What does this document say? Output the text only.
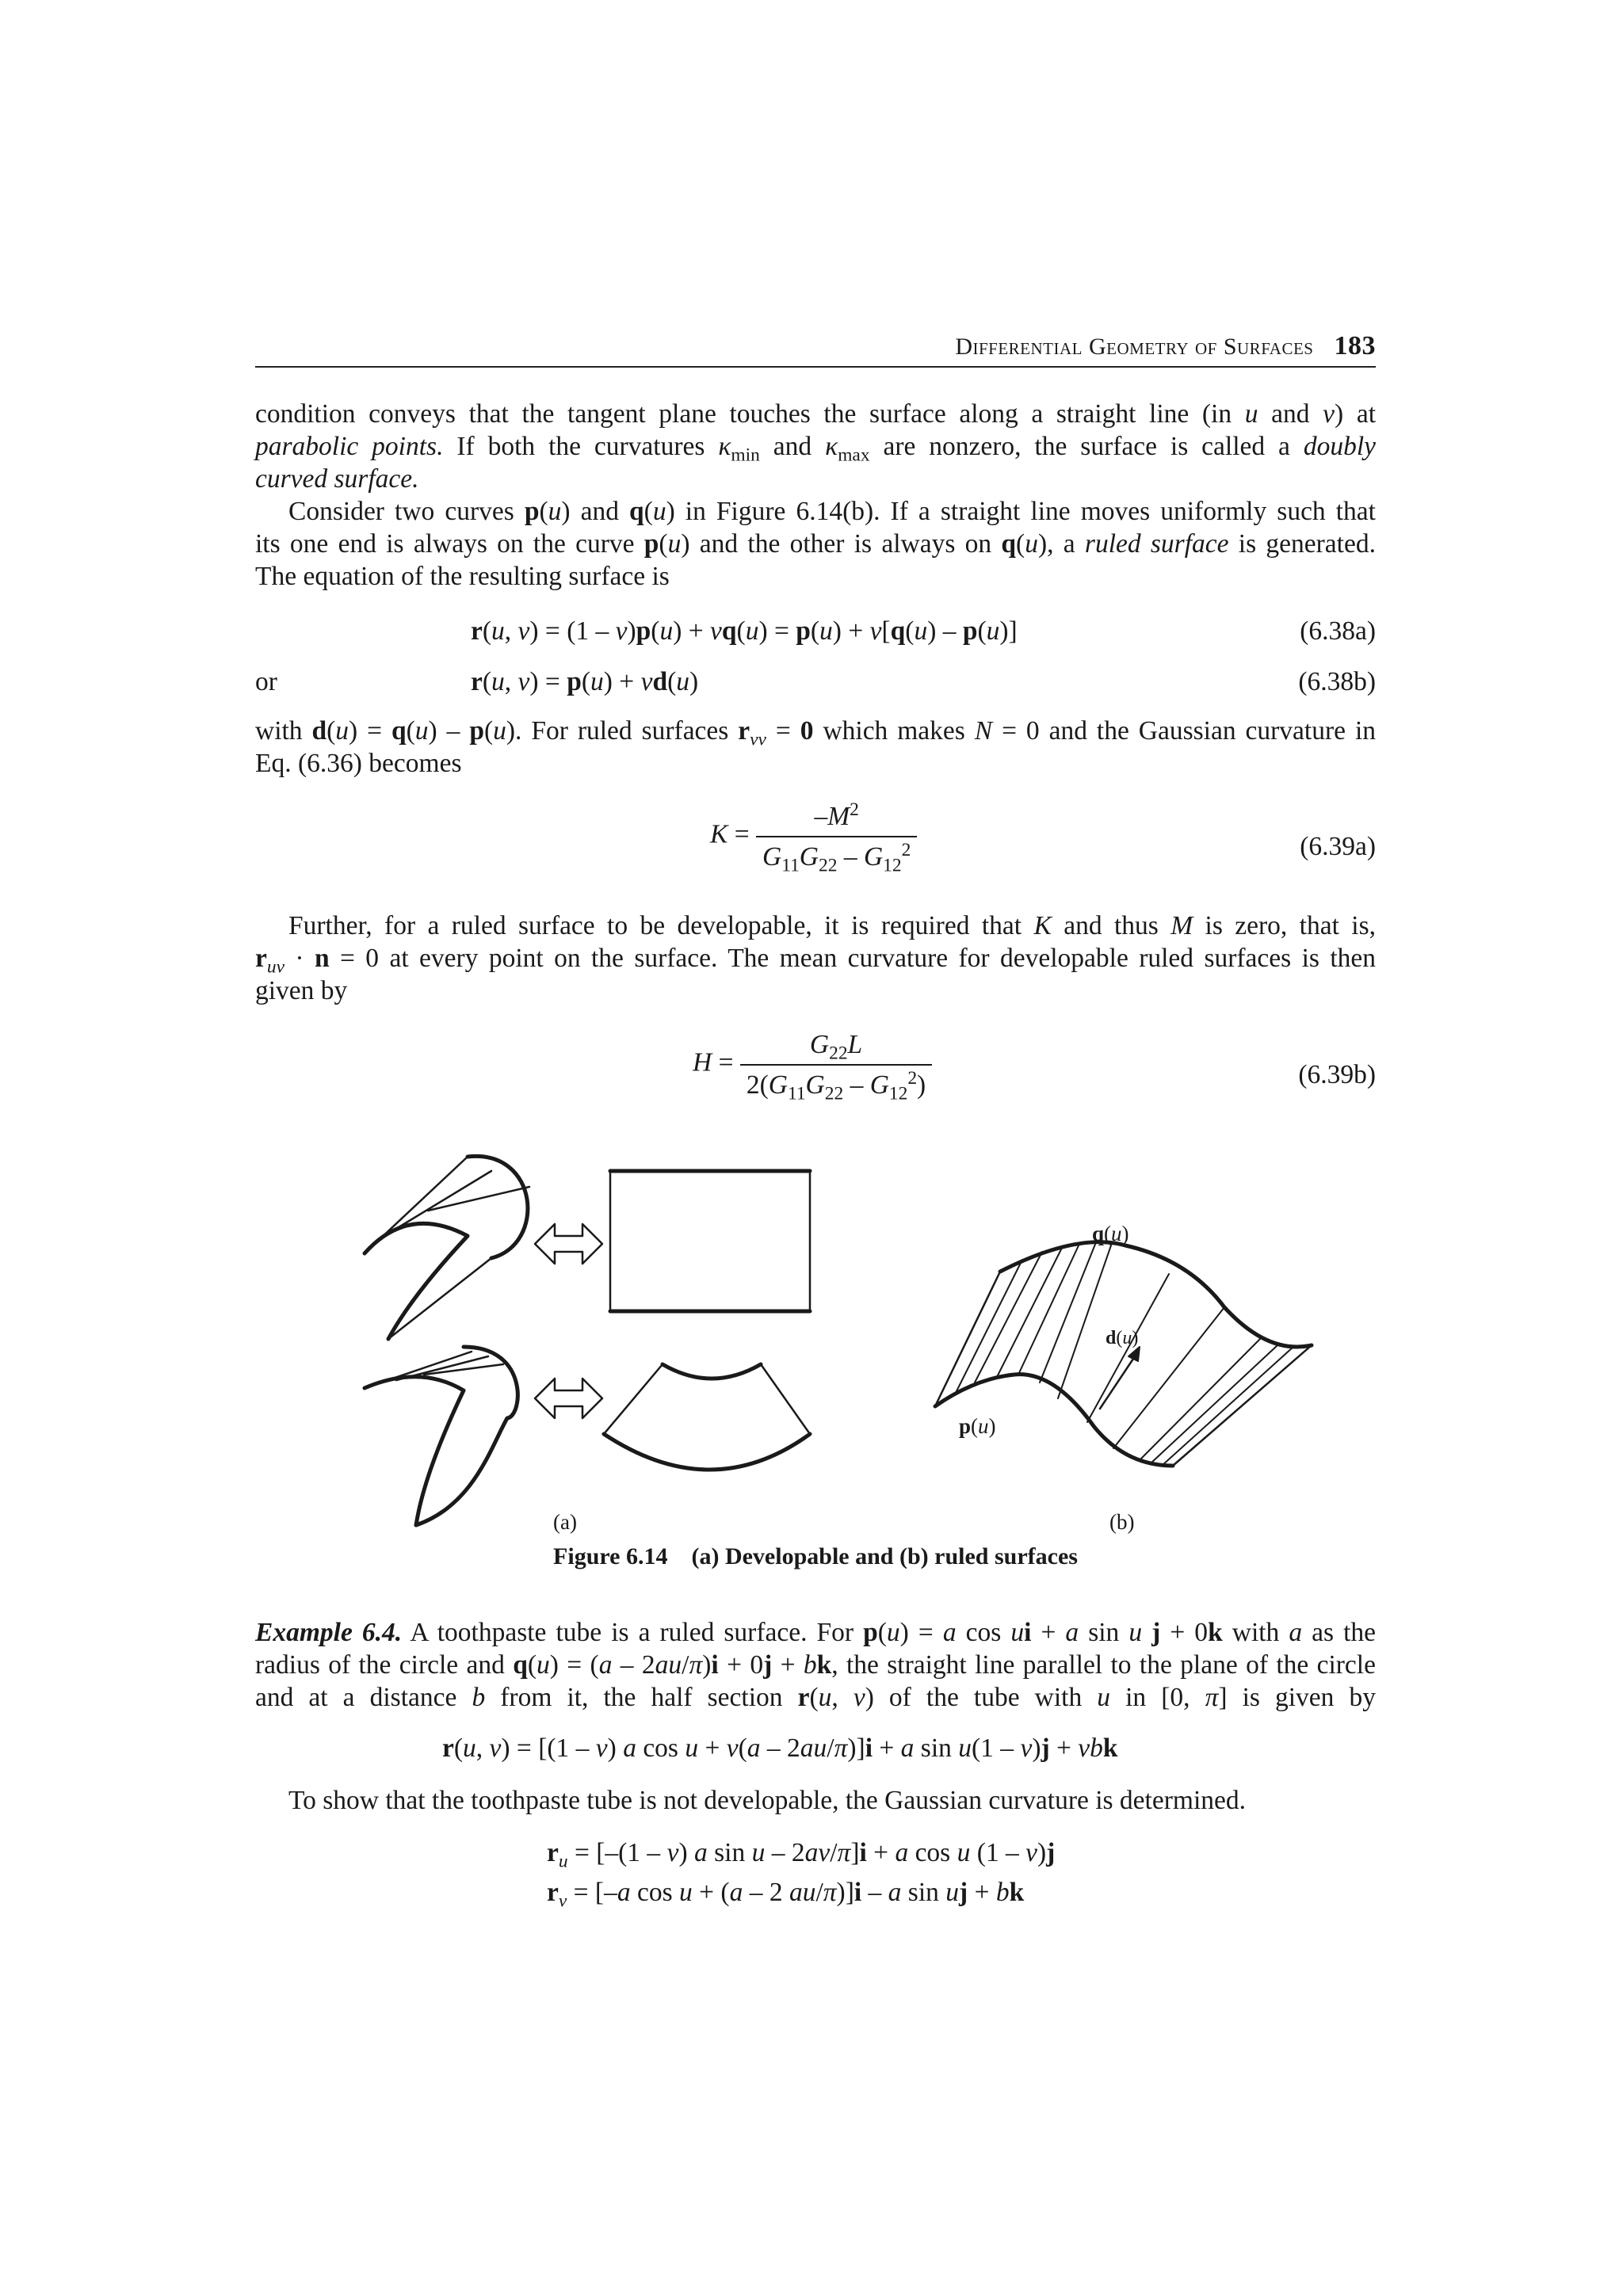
Differential Geometry of Surfaces 183
condition conveys that the tangent plane touches the surface along a straight line (in u and v) at
parabolic points. If both the curvatures $\kappa_{min}$ and $\kappa_{max}$ are nonzero, the surface is called a doubly
curved surface.
Consider two curves p(u) and q(u) in Figure 6.14(b). If a straight line moves uniformly such that
its one end is always on the curve p(u) and the other is always on q(u), a ruled surface is generated.
The equation of the resulting surface is
r(u, v) = (1 – v)p(u) + vq(u) = p(u) + v[q(u) – p(u)]	(6.38a)
or	r(u, v) = p(u) + vd(u)	(6.38b)
with d(u) = q(u) – p(u). For ruled surfaces $r_{vv} = 0$ which makes N = 0 and the Gaussian curvature in
Eq. (6.36) becomes
$K = \frac{-M^2}{G_{11}G_{22} - G_{12}^2}$	(6.39a)
Further, for a ruled surface to be developable, it is required that K and thus M is zero, that is,
$r_{uv} \cdot n = 0$ at every point on the surface. The mean curvature for developable ruled surfaces is then
given by
$H = \frac{G_{22}L}{2(G_{11}G_{22} - G_{12}^2)}$	(6.39b)
q(u)
d(u)
p(u)
(a)	(b)
Figure 6.14 (a) Developable and (b) ruled surfaces
Example 6.4. A toothpaste tube is a ruled surface. For p(u) = a cos ui + a sin u j + 0k with a as the
radius of the circle and q(u) = (a – 2au/π)i + 0j + bk, the straight line parallel to the plane of the circle
and at a distance b from it, the half section r(u, v) of the tube with u in [0, π] is given by
r(u, v) = [(1 – v) a cos u + v(a – 2au/π)]i + a sin u(1 – v)j + vbk
To show that the toothpaste tube is not developable, the Gaussian curvature is determined.
$r_u = [-(1 - v)$ a sin u – 2av/π]i + a cos u (1 – v)j
$r_v = [-a$ cos u + (a – 2 au/π)]i – a sin uj + bk
